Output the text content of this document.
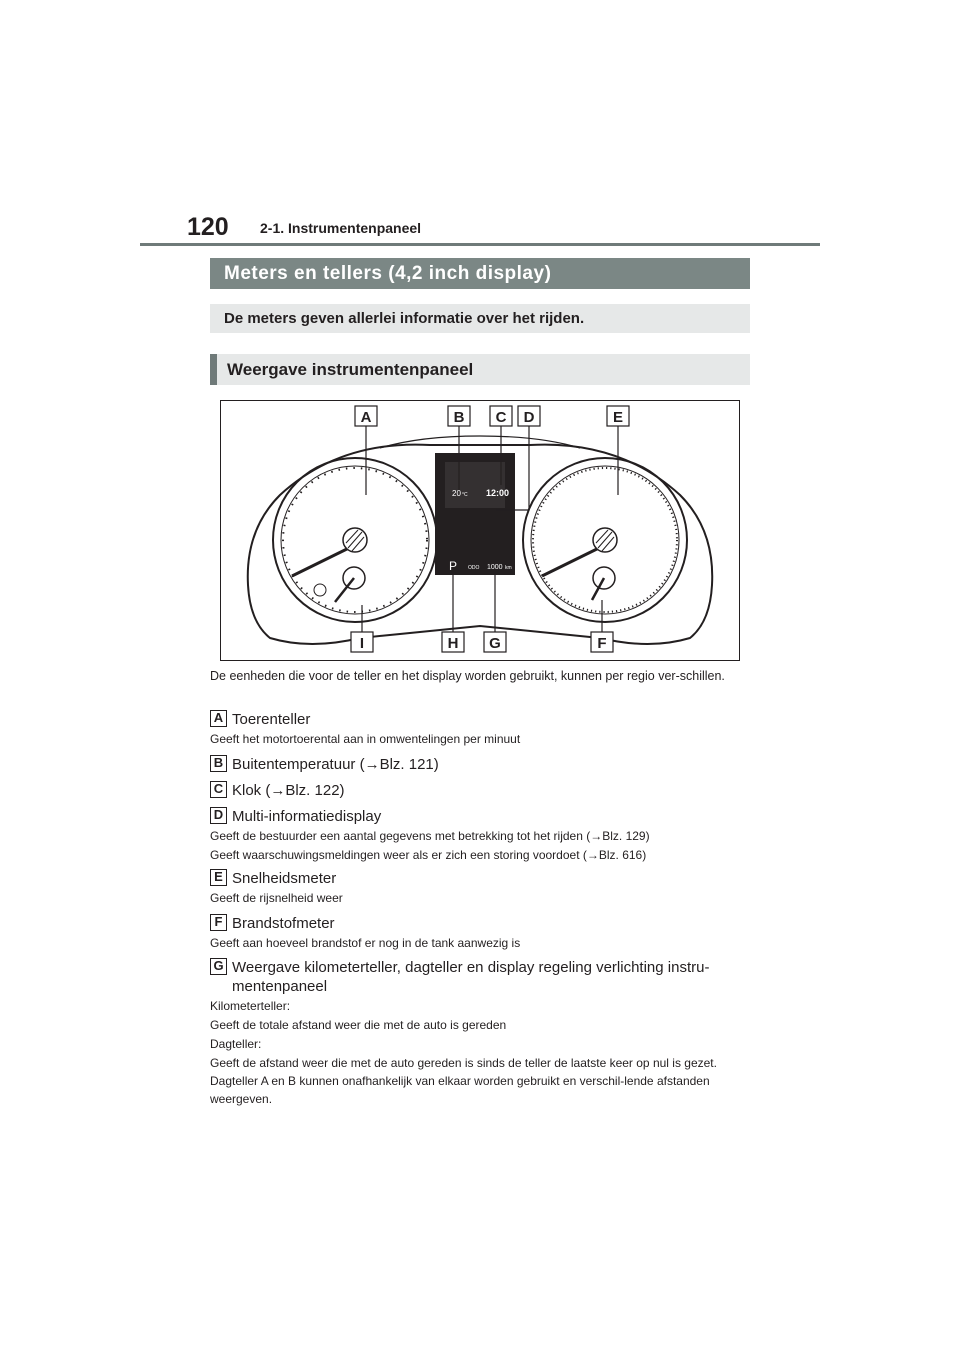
120 2-1. Instrumentenpaneel
Meters en tellers (4,2 inch display)
De meters geven allerlei informatie over het rijden.
Weergave instrumentenpaneel
20 °C 12:00
P ODO 1000 km
A	B C D	E
F
G
H
I
De eenheden die voor de teller en het display worden gebruikt, kunnen per regio ver-schillen.
A Toerenteller
Geeft het motortoerental aan in omwentelingen per minuut
B Buitentemperatuur (→Blz. 121)
C Klok (→Blz. 122)
D Multi-informatiedisplay
Geeft de bestuurder een aantal gegevens met betrekking tot het rijden (→Blz. 129)
Geeft waarschuwingsmeldingen weer als er zich een storing voordoet (→Blz. 616)
E Snelheidsmeter
Geeft de rijsnelheid weer
F Brandstofmeter
Geeft aan hoeveel brandstof er nog in de tank aanwezig is
G Weergave kilometerteller, dagteller en display regeling verlichting instru-mentenpaneel
Kilometerteller:
Geeft de totale afstand weer die met de auto is gereden
Dagteller:
Geeft de afstand weer die met de auto gereden is sinds de teller de laatste keer op nul is gezet. Dagteller A en B kunnen onafhankelijk van elkaar worden gebruikt en verschil-lende afstanden weergeven.
